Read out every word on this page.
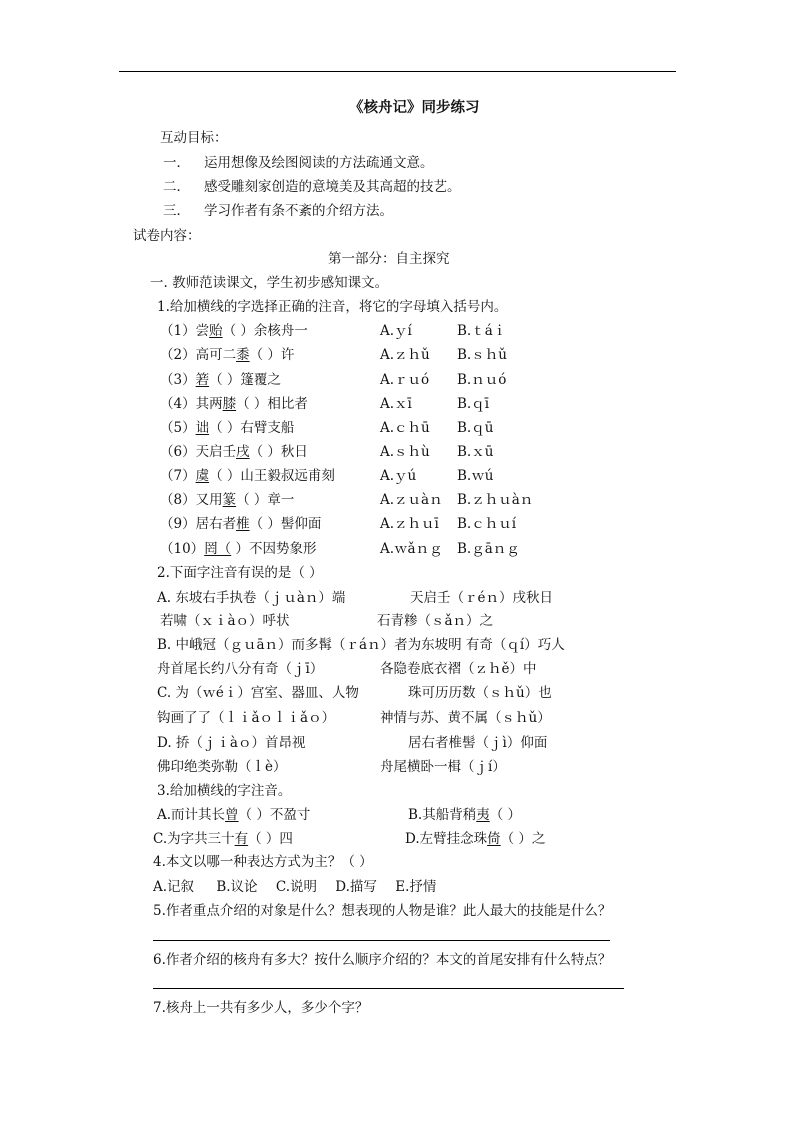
《核舟记》同步练习
互动目标：
一． 运用想像及绘图阅读的方法疏通文意。
二． 感受雕刻家创造的意境美及其高超的技艺。
三． 学习作者有条不紊的介绍方法。
试卷内容：
第一部分：自主探究
一. 教师范读课文，学生初步感知课文。
1.给加横线的字选择正确的注音，将它的字母填入括号内。
（1）尝贻（ ）余核舟一	A.ｙí	B.ｔáｉ
（2）高可二黍（ ）许	A.ｚｈǔ B.ｓｈǔ
（3）箬（ ）篷覆之	A.ｒｕó B.ｎｕó
（4）其两膝（ ）相比者	A.ｘī	B.ｑī
（5）诎（ ）右臂支船	A.ｃｈū B.ｑū
（6）天启壬戌（ ）秋日	A.ｓｈù B.ｘū
（7）虞（ ）山王毅叔远甫刻	A.ｙú	B.ｗú
（8）又用篆（ ）章一	A.ｚｕàｎ B.ｚｈｕàｎ
（9）居右者椎（ ）髻仰面	A.ｚｈｕī B.ｃｈｕí
（10）罔（ ）不因势象形	A.ｗǎｎｇ B.ｇāｎｇ
2.下面字注音有误的是（ ）
A. 东坡右手执卷（ｊｕàｎ）端	天启壬（ｒéｎ）戌秋日
若啸（ｘｉàｏ）呼状	石青糁（ｓǎｎ）之
B. 中峨冠（ｇｕāｎ）而多髯（ｒáｎ）者为东坡明 有奇（ｑí）巧人
舟首尾长约八分有奇（ｊī）	各隐卷底衣褶（ｚｈě）中
C. 为（ｗéｉ）宫室、器皿、人物	珠可历历数（ｓｈǔ）也
钩画了了（ｌｉǎｏｌｉǎｏ）	神情与苏、黄不属（ｓｈǔ）
D. 挢（ｊｉàｏ）首昂视	居右者椎髻（ｊì）仰面
佛印绝类弥勒（ｌè）	舟尾横卧一楫（ｊí）
3.给加横线的字注音。
A.而计其长曾（ ）不盈寸	B.其船背稍夷（ ）
C.为字共三十有（ ）四	D.左臂挂念珠倚（ ）之
4.本文以哪一种表达方式为主？（ ）
A.记叙 B.议论 C.说明 D.描写 E.抒情
5.作者重点介绍的对象是什么？想表现的人物是谁？此人最大的技能是什么？
6.作者介绍的核舟有多大？按什么顺序介绍的？本文的首尾安排有什么特点？
7.核舟上一共有多少人，多少个字？
